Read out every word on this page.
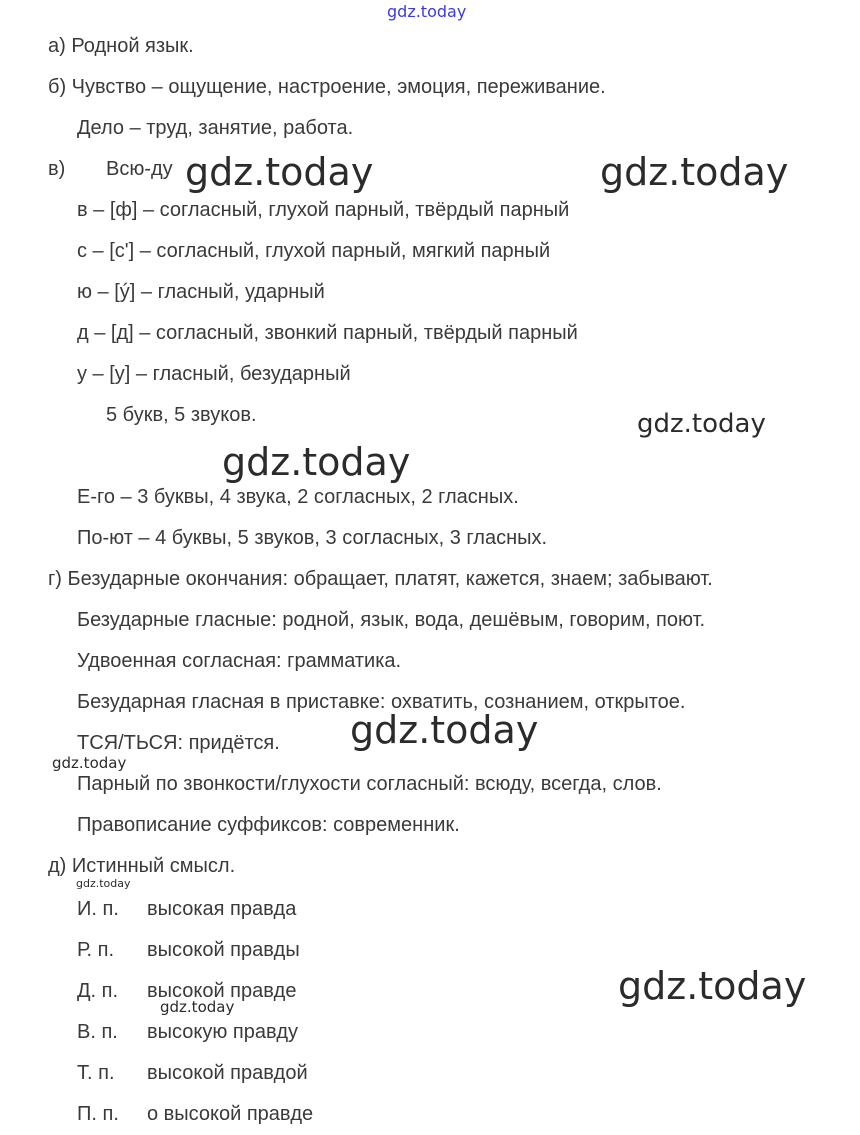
gdz.today
а) Родной язык.
б) Чувство – ощущение, настроение, эмоция, переживание.
Дело – труд, занятие, работа.
в) Всю-ду gdz.today	gdz.today
в – [ф] – согласный, глухой парный, твёрдый парный
с – [с'] – согласный, глухой парный, мягкий парный
ю – [ý] – гласный, ударный
д – [д] – согласный, звонкий парный, твёрдый парный
у – [у] – гласный, безударный
5 букв, 5 звуков.	gdz.today
gdz.today
Е-го – 3 буквы, 4 звука, 2 согласных, 2 гласных.
По-ют – 4 буквы, 5 звуков, 3 согласных, 3 гласных.
г) Безударные окончания: обращает, платят, кажется, знаем; забывают.
Безударные гласные: родной, язык, вода, дешёвым, говорим, поют.
Удвоенная согласная: грамматика.
Безударная гласная в приставке: охватить, сознанием, открытое.
ТСЯ/ТЬСЯ: придётся. gdz.today
gdz.today
Парный по звонкости/глухости согласный: всюду, всегда, слов.
Правописание суффиксов: современник.
д) Истинный смысл.
gdz.today
И. п. высокая правда
Р. п. высокой правды
Д. п. высокой правде
gdz.today	gdz.today
В. п. высокую правду
Т. п. высокой правдой
П. п. о высокой правде
